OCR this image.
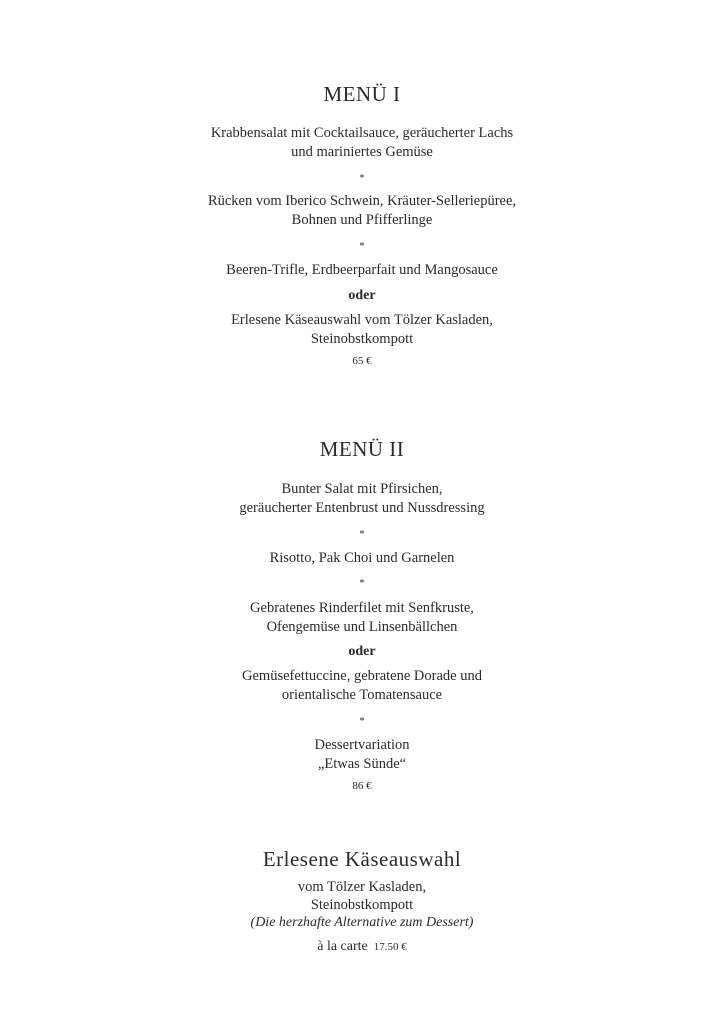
MENÜ I
Krabbensalat mit Cocktailsauce, geräucherter Lachs
und mariniertes Gemüse
*
Rücken vom Iberico Schwein, Kräuter-Selleriepüree,
Bohnen und Pfifferlinge
*
Beeren-Trifle, Erdbeerparfait und Mangosauce
oder
Erlesene Käseauswahl vom Tölzer Kasladen,
Steinobstkompott
65 €
MENÜ II
Bunter Salat mit Pfirsichen,
geräucherter Entenbrust und Nussdressing
*
Risotto, Pak Choi und Garnelen
*
Gebratenes Rinderfilet mit Senfkruste,
Ofengemüse und Linsenbällchen
oder
Gemüsefettuccine, gebratene Dorade und
orientalische Tomatensauce
*
Dessertvariation
„Etwas Sünde“
86 €
Erlesene Käseauswahl
vom Tölzer Kasladen,
Steinobstkompott
(Die herzhafte Alternative zum Dessert)
à la carte 17.50 €
